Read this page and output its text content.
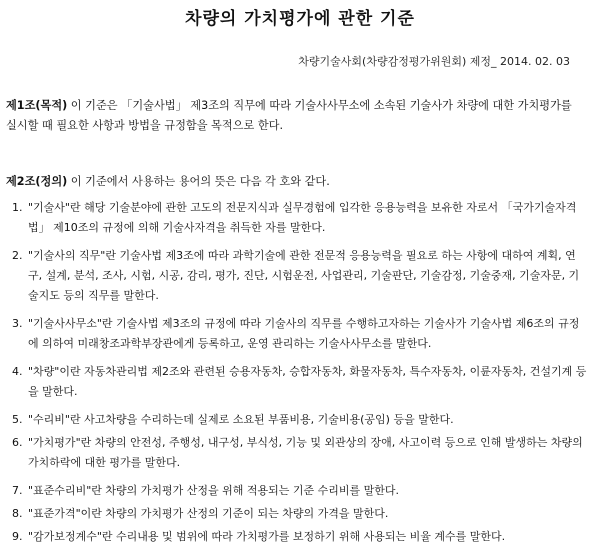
차량의 가치평가에 관한 기준
차량기술사회(차량감정평가위원회) 제정_ 2014. 02. 03
제1조(목적) 이 기준은 「기술사법」 제3조의 직무에 따라 기술사사무소에 소속된 기술사가 차량에 대한 가치평가를 실시할 때 필요한 사항과 방법을 규정함을 목적으로 한다.
제2조(정의) 이 기준에서 사용하는 용어의 뜻은 다음 각 호와 같다.
1. "기술사"란 해당 기술분야에 관한 고도의 전문지식과 실무경험에 입각한 응용능력을 보유한 자로서 「국가기술자격법」 제10조의 규정에 의해 기술사자격을 취득한 자를 말한다.
2. "기술사의 직무"란 기술사법 제3조에 따라 과학기술에 관한 전문적 응용능력을 필요로 하는 사항에 대하여 계획, 연구, 설계, 분석, 조사, 시험, 시공, 감리, 평가, 진단, 시험운전, 사업관리, 기술판단, 기술감정, 기술중재, 기술자문, 기술지도 등의 직무를 말한다.
3. "기술사사무소"란 기술사법 제3조의 규정에 따라 기술사의 직무를 수행하고자하는 기술사가 기술사법 제6조의 규정에 의하여 미래창조과학부장관에게 등록하고, 운영 관리하는 기술사사무소를 말한다.
4. "차량"이란 자동차관리법 제2조와 관련된 승용자동차, 승합자동차, 화물자동차, 특수자동차, 이륜자동차, 건설기계 등을 말한다.
5. "수리비"란 사고차량을 수리하는데 실제로 소요된 부품비용, 기술비용(공임) 등을 말한다.
6. "가치평가"란 차량의 안전성, 주행성, 내구성, 부식성, 기능 및 외관상의 장애, 사고이력 등으로 인해 발생하는 차량의 가치하락에 대한 평가를 말한다.
7. "표준수리비"란 차량의 가치평가 산정을 위해 적용되는 기준 수리비를 말한다.
8. "표준가격"이란 차량의 가치평가 산정의 기준이 되는 차량의 가격을 말한다.
9. "감가보정계수"란 수리내용 및 범위에 따라 가치평가를 보정하기 위해 사용되는 비율 계수를 말한다.
